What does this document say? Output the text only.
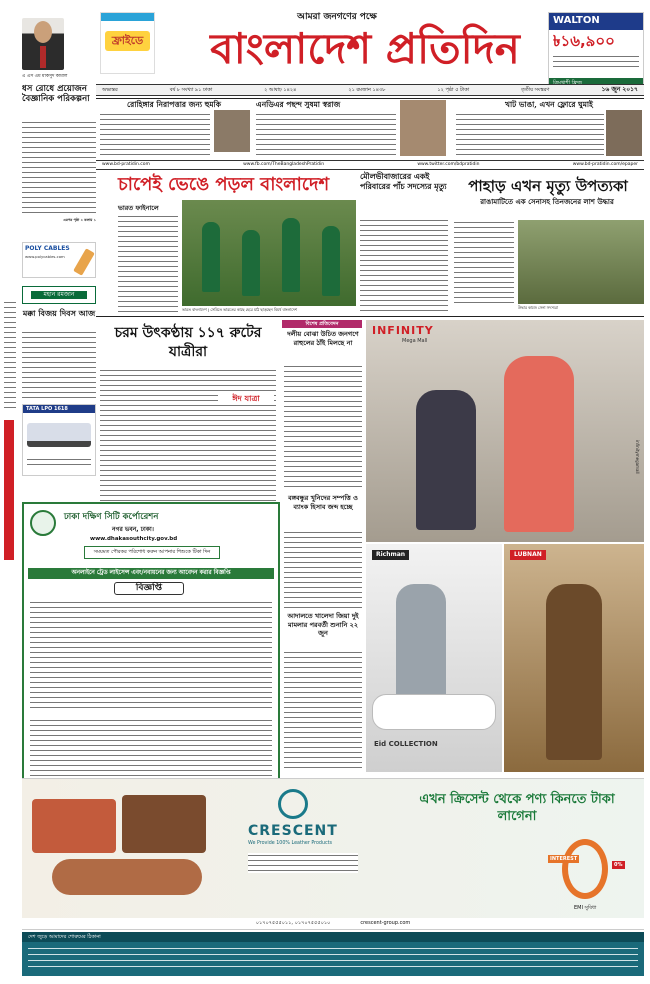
ফ্রাইডে
আমরা জনগণের পক্ষে
বাংলাদেশ প্রতিদিন
WALTON
৳১৬,৯০০
অভ্যন্তর	বর্ষ ৮ সংখ্যা ৯১ ঢাকা	২ আষাঢ় ১৪২৪	২১ রমজান ১৪৩৮	১২ পৃষ্ঠা ৫ টাকা	তৃতীয় সংস্করণ	১৬ জুন ২০১৭
এ এস এম মাকসুদ কামাল
ধস রোধে প্রয়োজন বৈজ্ঞানিক পরিকল্পনা
এরপর পৃষ্ঠা ২ কলাম ১
POLY CABLES
www.polycables.com
মহান রমজান
মক্কা বিজয় দিবস আজ
TATA LPO 1618
রোহিঙ্গার নিরাপত্তার জন্য হুমকি	এনডিএর পছন্দ সুষমা স্বরাজ	খাট ভাঙা, এখন ফ্লোরে ঘুমাই
www.bd-pratidin.com	www.fb.com/TheBangladeshPratidin	www.twitter.com/bdpratidin	www.bd-pratidin.com/epaper
চাপেই ভেঙে পড়ল বাংলাদেশ
ভারত ফাইনালে
ভারত বাংলাদেশ | সেমিতে ভারতের কাছে হেরে মাঠ ছাড়ছেন বিমর্ষ বাংলাদেশ
মৌলভীবাজারের একই পরিবারের পাঁচ সদস্যের মৃত্যু	পাহাড় এখন মৃত্যু উপত্যকা
রাঙামাটিতে এক সেনাসহ তিনজনের লাশ উদ্ধার
উদ্ধার কাজে সেনা সদস্যরা
চরম উৎকণ্ঠায় ১১৭ রুটের যাত্রীরা
ঈদ যাত্রা
বিশেষ প্রতিবেদন
দলীয় বোঝা উচিত জনগণে রাহুলের ঠাঁই মিলছে না
বঙ্গবন্ধুর খুনিদের সম্পত্তি ও ব্যাংক হিসাব জব্দ হচ্ছে
আদালতে খালেদা জিয়া দুই মামলার পরবর্তী শুনানি ২২ জুন
INFINITY
Mega Mall
infinitymegamall
Richman
Eid COLLECTION
LUBNAN
ঢাকা দক্ষিণ সিটি কর্পোরেশন
নগর ভবন, ঢাকা।
www.dhakasouthcity.gov.bd
সময়মত পৌরকর পরিশোধ করুন আপনার শিশুকে টিকা দিন
অনলাইনে ট্রেড লাইসেন্স এবং/নবায়নের জন্য আবেদন করার বিজ্ঞপ্তি
বিজ্ঞপ্তি
CRESCENT
We Provide 100% Leather Products
এখন ক্রিসেন্ট থেকে পণ্য কিনতে টাকা লাগেনা
INTEREST
0%
EMI সুবিধা
০১৭০৭৫৫৫০১১, ০১৭০৭৫৫৫০১০	crescent-group.com
দেশ জুড়ে আমাদের শোরুমের ঠিকানা
